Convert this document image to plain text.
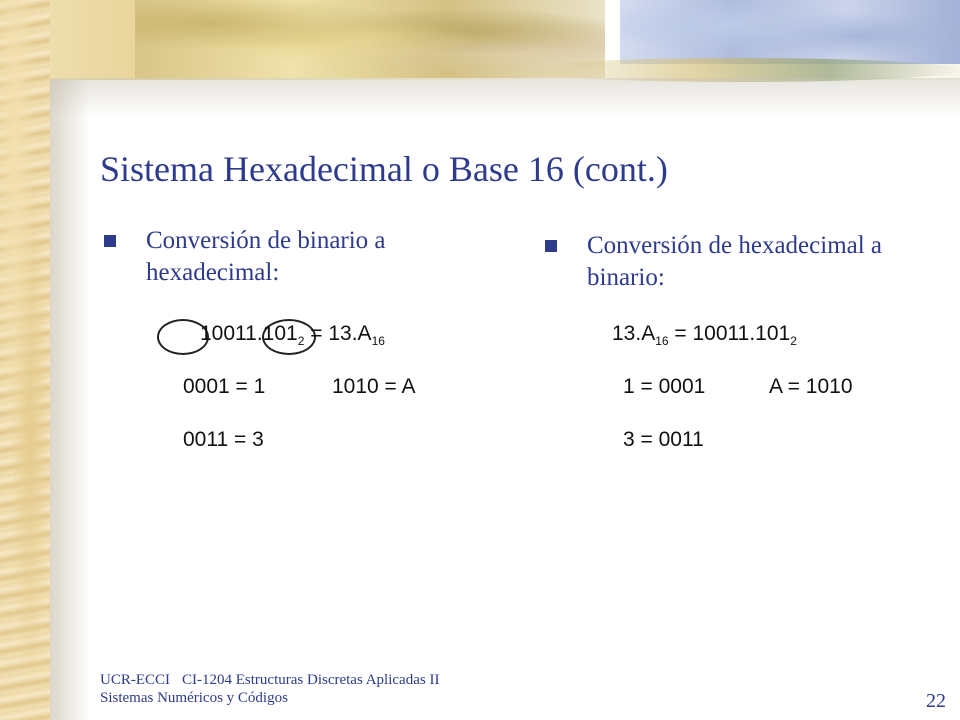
Sistema Hexadecimal o Base 16 (cont.)
Conversión de binario a hexadecimal:
Conversión de hexadecimal a binario:
$10011.101_2 = 13.A_{16}$
0001 = 1	1010 = A
0011 = 3
$13.A_{16} = 10011.101_2$
1 = 0001	A = 1010
3 = 0011
UCR-ECCI CI-1204 Estructuras Discretas Aplicadas II
Sistemas Numéricos y Códigos	22
